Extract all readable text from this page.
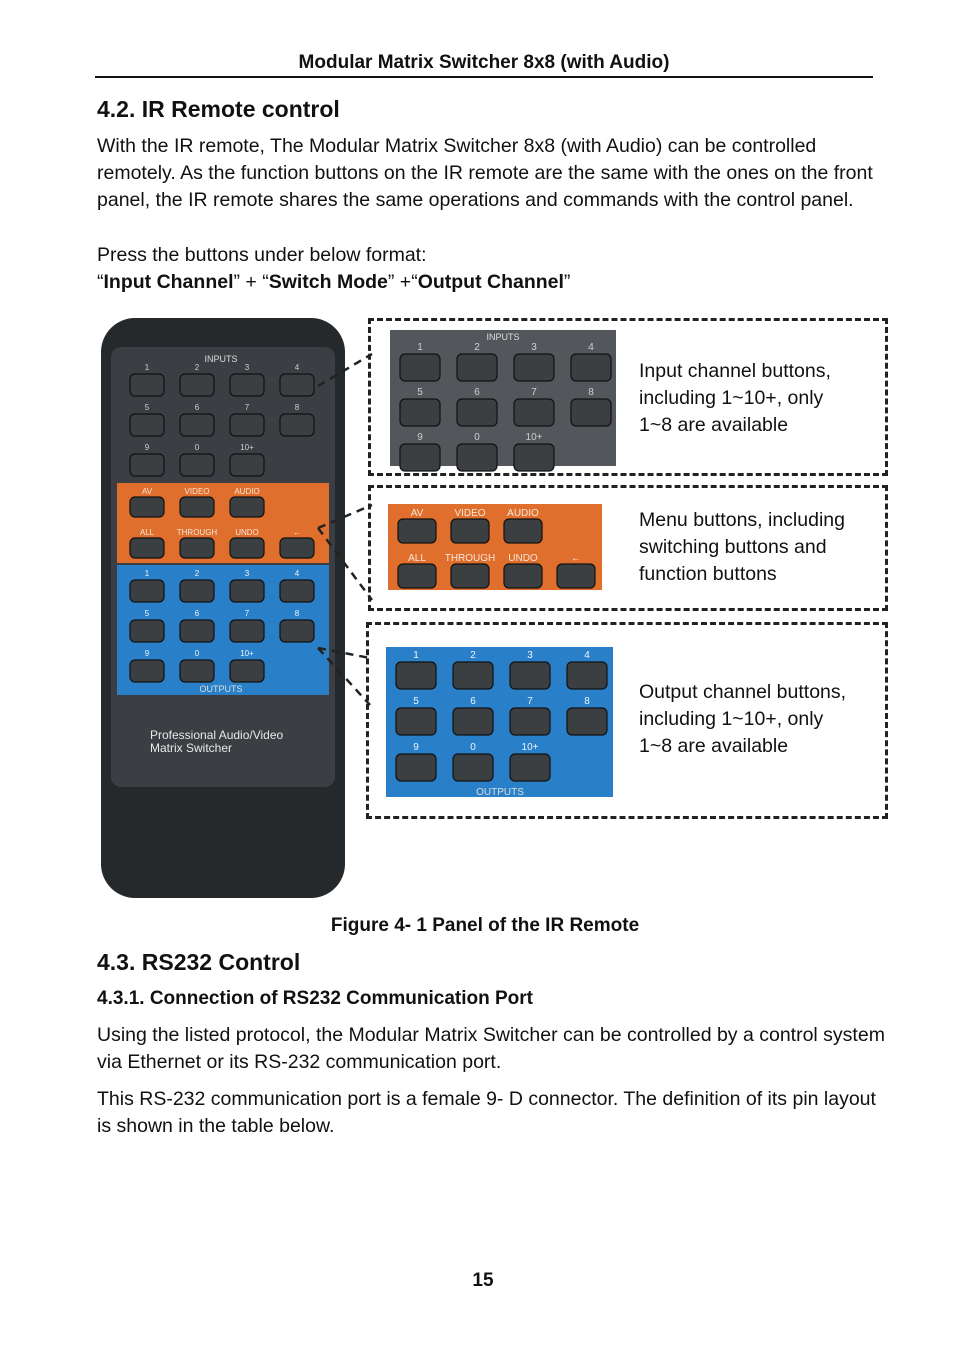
Modular Matrix Switcher 8x8 (with Audio)
4.2. IR Remote control
With the IR remote, The Modular Matrix Switcher 8x8 (with Audio) can be controlled remotely. As the function buttons on the IR remote are the same with the ones on the front panel, the IR remote shares the same operations and commands with the control panel.
Press the buttons under below format:
“Input Channel” + “Switch Mode” +“Output Channel”
1	2	3	4
5	6	7	8
9	0	10+
AV	VIDEO	AUDIO
ALL	THROUGH UNDO	←
1	2	3	4
5	6	7	8
9	0	10+
INPUTS
OUTPUTS
Professional Audio/Video
Matrix Switcher
INPUTS
OUTPUTS
1	2	3	4
5	6	7	8
9	0	10+
AV	VIDEO AUDIO
ALL THROUGH UNDO	←
1	2	3	4
5	6	7	8
9	0	10+
Input channel buttons,
including 1~10+, only
1~8 are available
Menu buttons, including
switching buttons and
function buttons
Output channel buttons,
including 1~10+, only
1~8 are available
Figure 4- 1 Panel of the IR Remote
4.3. RS232 Control
4.3.1. Connection of RS232 Communication Port
Using the listed protocol, the Modular Matrix Switcher can be controlled by a control system via Ethernet or its RS-232 communication port.
This RS-232 communication port is a female 9- D connector. The definition of its pin layout is shown in the table below.
15
